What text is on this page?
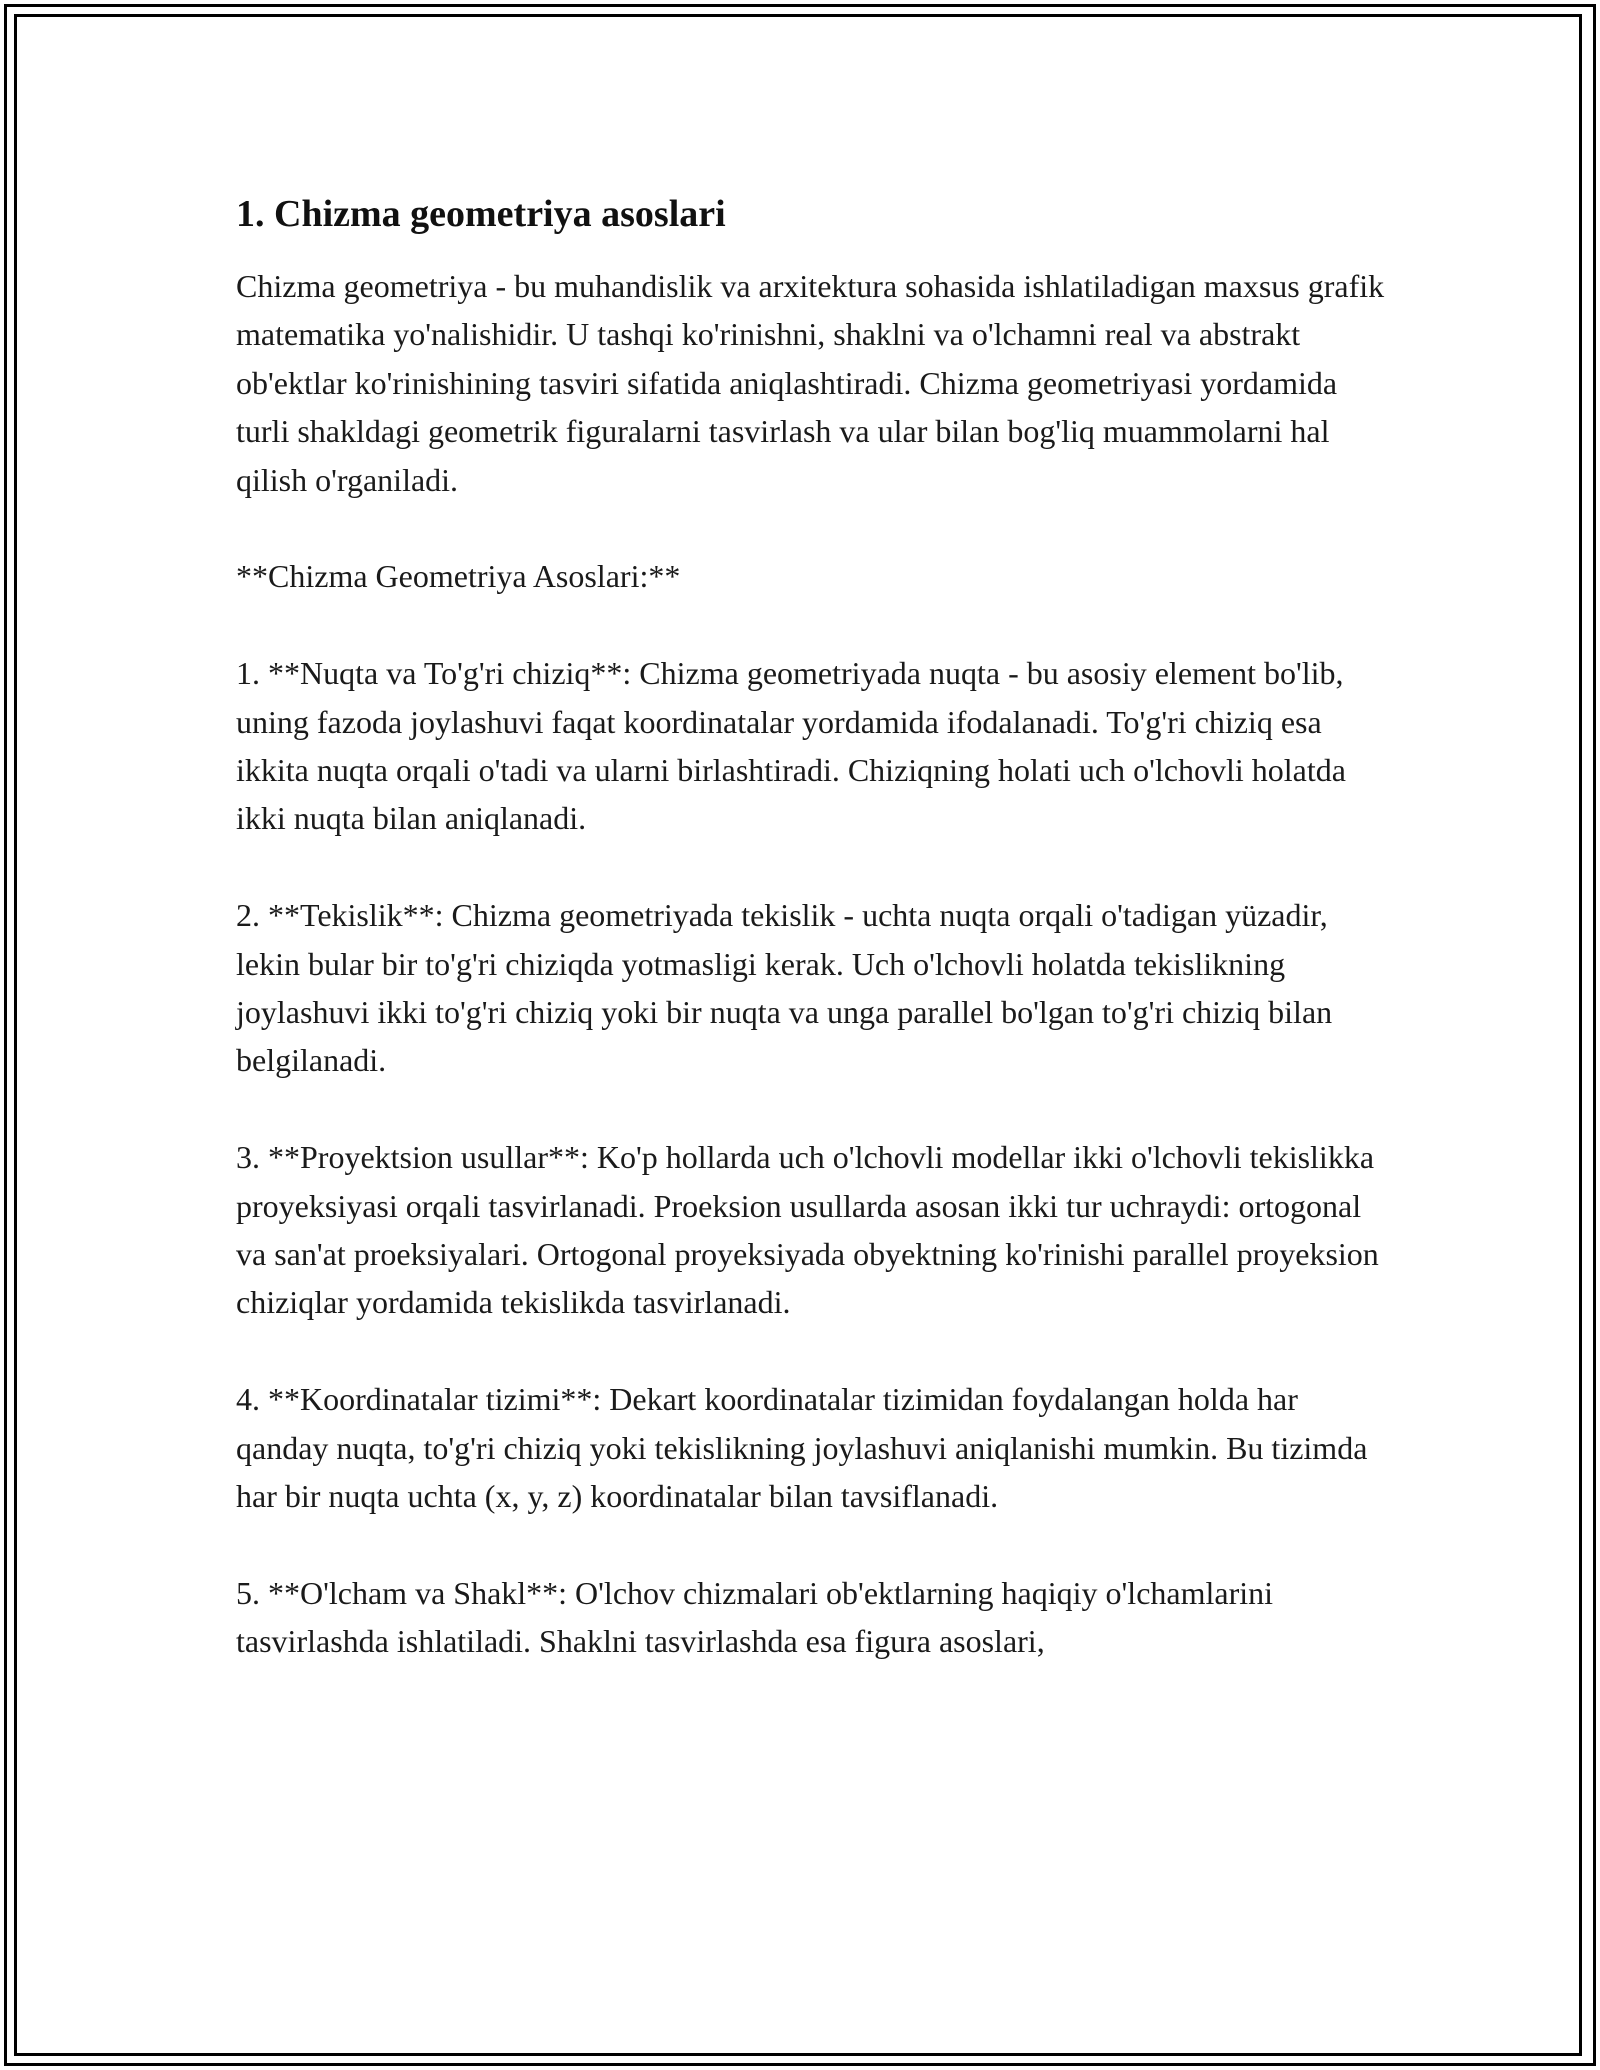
1. Chizma geometriya asoslari

Chizma geometriya - bu muhandislik va arxitektura sohasida ishlatiladigan maxsus grafik matematika yo'nalishidir. U tashqi ko'rinishni, shaklni va o'lchamni real va abstrakt ob'ektlar ko'rinishining tasviri sifatida aniqlashtiradi. Chizma geometriyasi yordamida turli shakldagi geometrik figuralarni tasvirlash va ular bilan bog'liq muammolarni hal qilish o'rganiladi.

**Chizma Geometriya Asoslari:**

1. **Nuqta va To'g'ri chiziq**: Chizma geometriyada nuqta - bu asosiy element bo'lib, uning fazoda joylashuvi faqat koordinatalar yordamida ifodalanadi. To'g'ri chiziq esa ikkita nuqta orqali o'tadi va ularni birlashtiradi. Chiziqning holati uch o'lchovli holatda ikki nuqta bilan aniqlanadi.

2. **Tekislik**: Chizma geometriyada tekislik - uchta nuqta orqali o'tadigan yüzadir, lekin bular bir to'g'ri chiziqda yotmasligi kerak. Uch o'lchovli holatda tekislikning joylashuvi ikki to'g'ri chiziq yoki bir nuqta va unga parallel bo'lgan to'g'ri chiziq bilan belgilanadi.

3. **Proyektsion usullar**: Ko'p hollarda uch o'lchovli modellar ikki o'lchovli tekislikka proyeksiyasi orqali tasvirlanadi. Proeksion usullarda asosan ikki tur uchraydi: ortogonal va san'at proeksiyalari. Ortogonal proyeksiyada obyektning ko'rinishi parallel proyeksion chiziqlar yordamida tekislikda tasvirlanadi.

4. **Koordinatalar tizimi**: Dekart koordinatalar tizimidan foydalangan holda har qanday nuqta, to'g'ri chiziq yoki tekislikning joylashuvi aniqlanishi mumkin. Bu tizimda har bir nuqta uchta (x, y, z) koordinatalar bilan tavsiflanadi.

5. **O'lcham va Shakl**: O'lchov chizmalari ob'ektlarning haqiqiy o'lchamlarini tasvirlashda ishlatiladi. Shaklni tasvirlashda esa figura asoslari,
